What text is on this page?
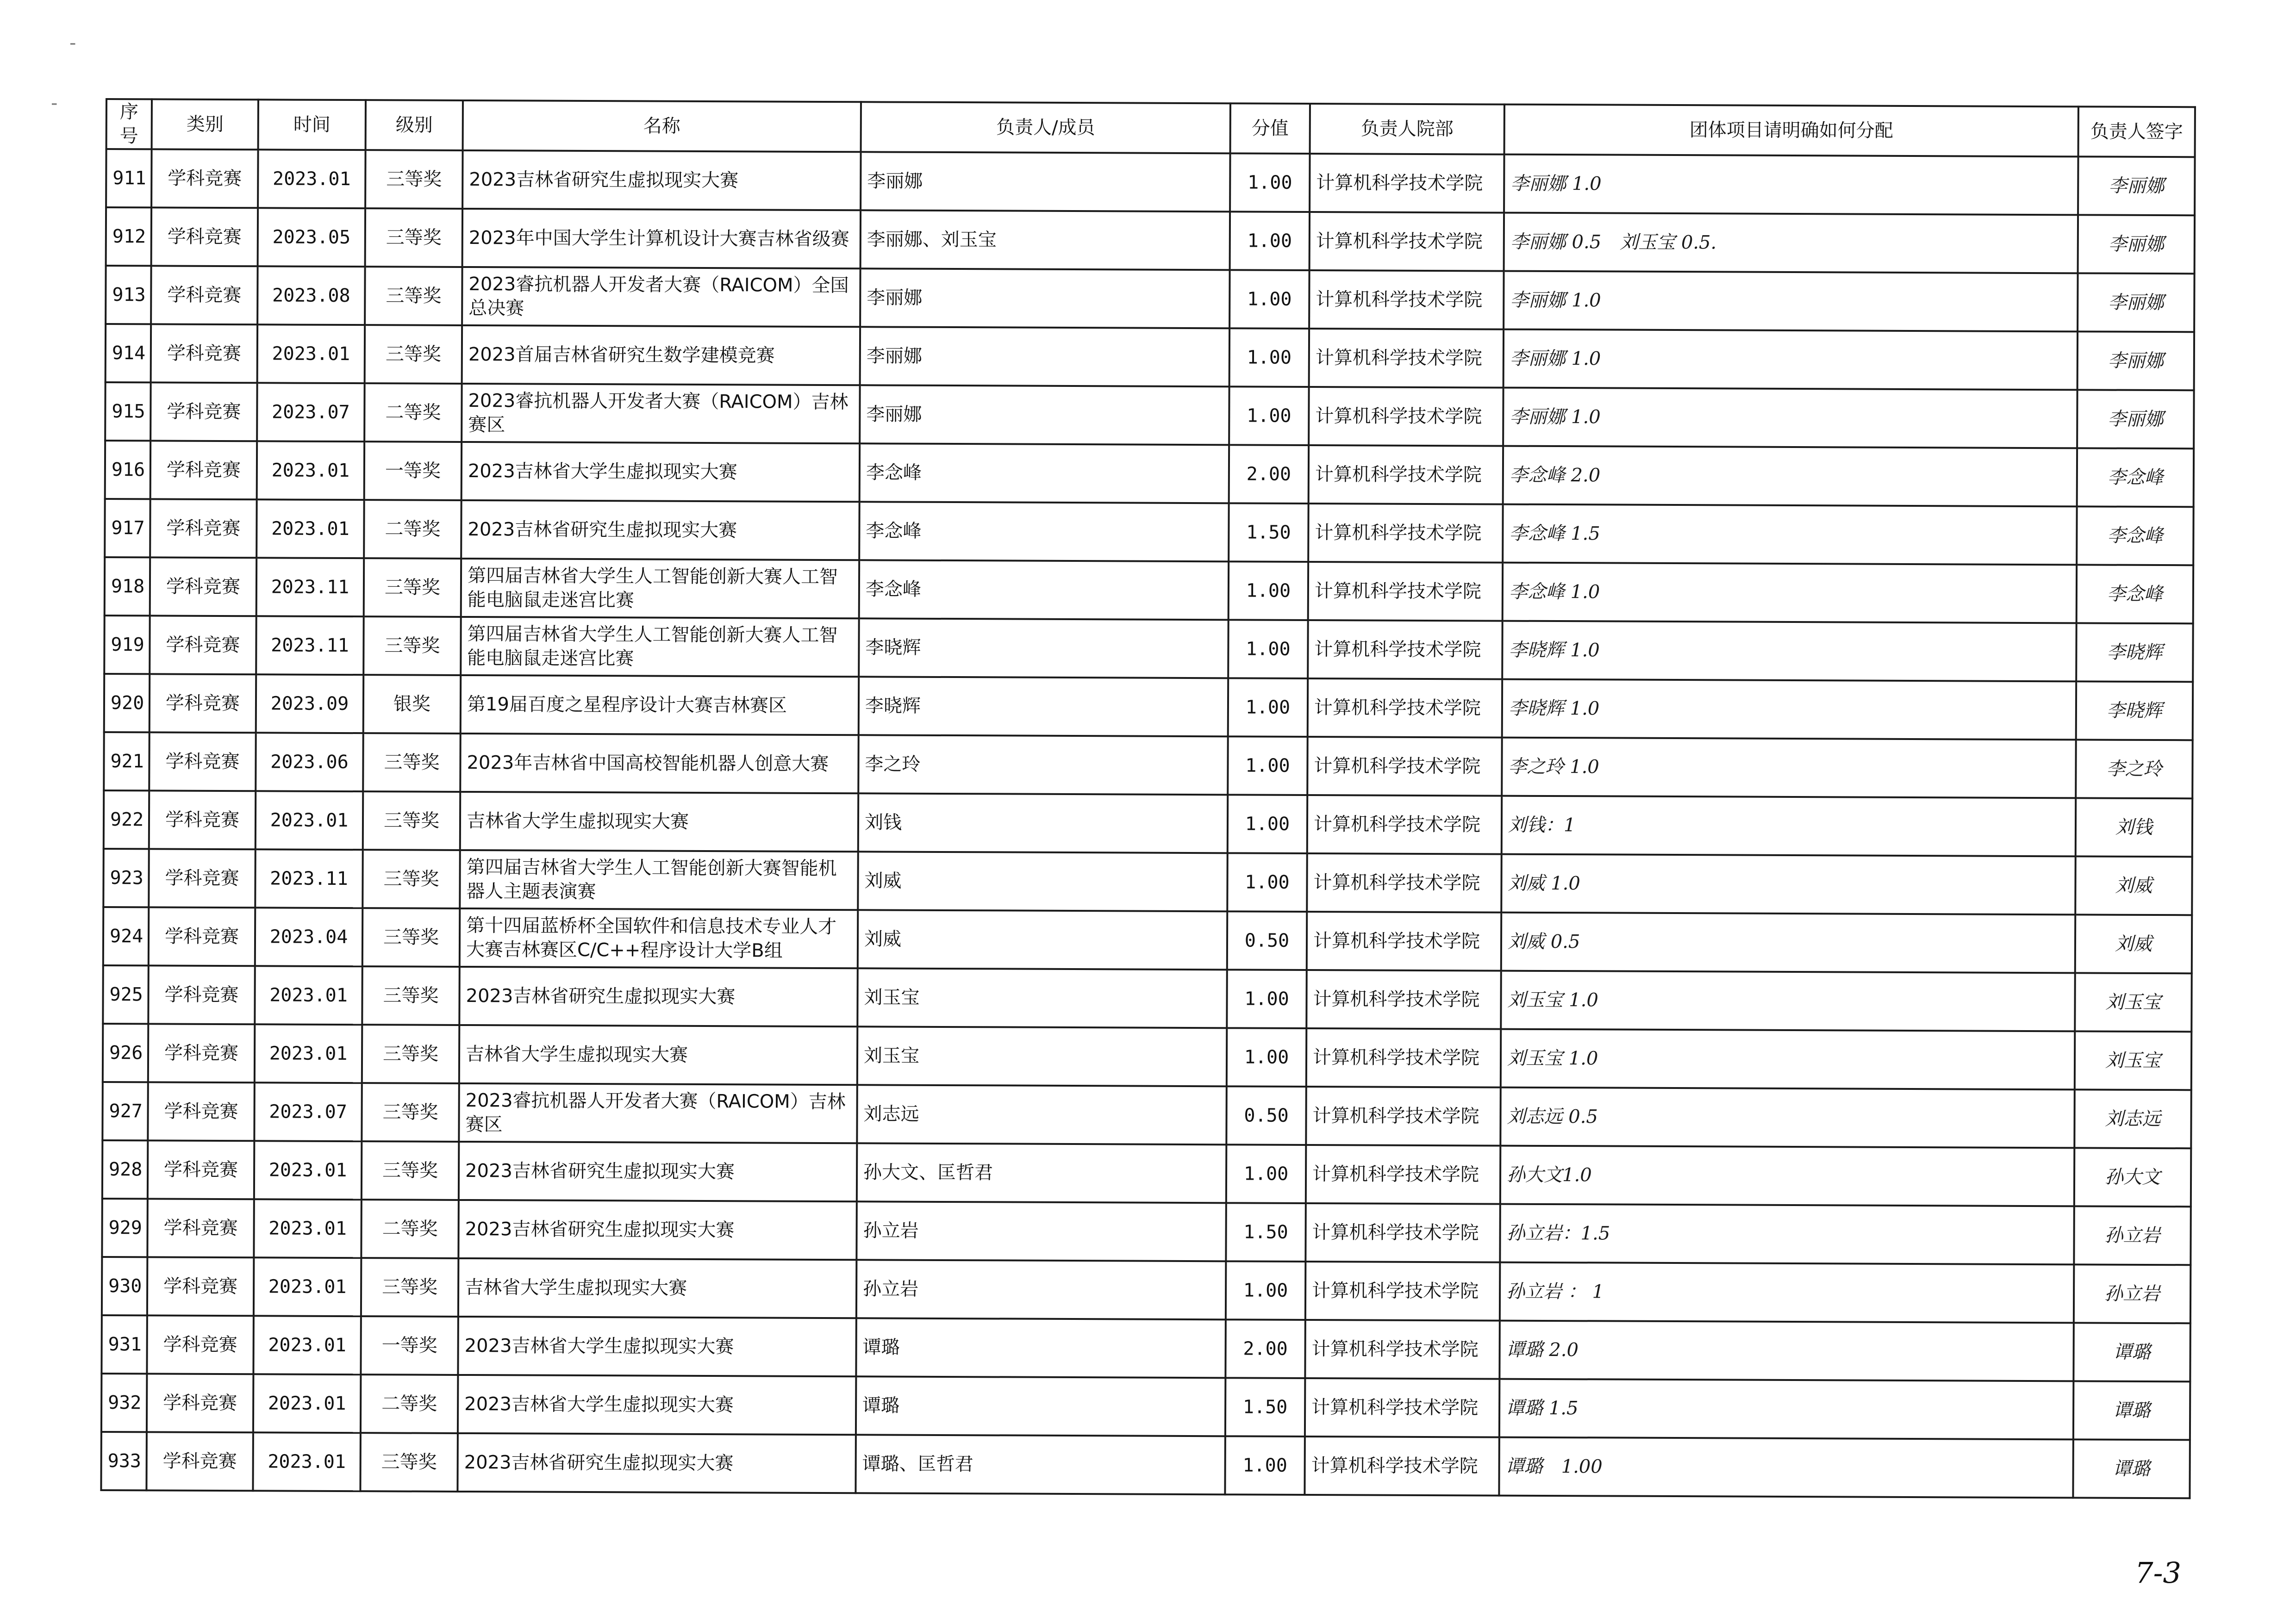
-
-	序号	类别	时间	级别	名称	负责人/成员	分值	负责人院部	团体项目请明确如何分配	负责人签字
911	学科竞赛	2023.01	三等奖	2023吉林省研究生虚拟现实大赛	李丽娜	1.00	计算机科学技术学院	李丽娜 1.0	李丽娜
912	学科竞赛	2023.05	三等奖	2023年中国大学生计算机设计大赛吉林省级赛	李丽娜、刘玉宝	1.00	计算机科学技术学院	李丽娜 0.5　刘玉宝 0.5.	李丽娜
913	学科竞赛	2023.08	三等奖	2023睿抗机器人开发者大赛（RAICOM）全国总决赛	李丽娜	1.00	计算机科学技术学院	李丽娜 1.0	李丽娜
914	学科竞赛	2023.01	三等奖	2023首届吉林省研究生数学建模竞赛	李丽娜	1.00	计算机科学技术学院	李丽娜 1.0	李丽娜
915	学科竞赛	2023.07	二等奖	2023睿抗机器人开发者大赛（RAICOM）吉林赛区	李丽娜	1.00	计算机科学技术学院	李丽娜 1.0	李丽娜
916	学科竞赛	2023.01	一等奖	2023吉林省大学生虚拟现实大赛	李念峰	2.00	计算机科学技术学院	李念峰 2.0	李念峰
917	学科竞赛	2023.01	二等奖	2023吉林省研究生虚拟现实大赛	李念峰	1.50	计算机科学技术学院	李念峰 1.5	李念峰
918	学科竞赛	2023.11	三等奖	第四届吉林省大学生人工智能创新大赛人工智能电脑鼠走迷宫比赛	李念峰	1.00	计算机科学技术学院	李念峰 1.0	李念峰
919	学科竞赛	2023.11	三等奖	第四届吉林省大学生人工智能创新大赛人工智能电脑鼠走迷宫比赛	李晓辉	1.00	计算机科学技术学院	李晓辉 1.0	李晓辉
920	学科竞赛	2023.09	银奖	第19届百度之星程序设计大赛吉林赛区	李晓辉	1.00	计算机科学技术学院	李晓辉 1.0	李晓辉
921	学科竞赛	2023.06	三等奖	2023年吉林省中国高校智能机器人创意大赛	李之玲	1.00	计算机科学技术学院	李之玲 1.0	李之玲
922	学科竞赛	2023.01	三等奖	吉林省大学生虚拟现实大赛	刘钱	1.00	计算机科学技术学院	刘钱：1	刘钱
923	学科竞赛	2023.11	三等奖	第四届吉林省大学生人工智能创新大赛智能机器人主题表演赛	刘威	1.00	计算机科学技术学院	刘威 1.0	刘威
924	学科竞赛	2023.04	三等奖	第十四届蓝桥杯全国软件和信息技术专业人才大赛吉林赛区C/C++程序设计大学B组	刘威	0.50	计算机科学技术学院	刘威 0.5	刘威
925	学科竞赛	2023.01	三等奖	2023吉林省研究生虚拟现实大赛	刘玉宝	1.00	计算机科学技术学院	刘玉宝 1.0	刘玉宝
926	学科竞赛	2023.01	三等奖	吉林省大学生虚拟现实大赛	刘玉宝	1.00	计算机科学技术学院	刘玉宝 1.0	刘玉宝
927	学科竞赛	2023.07	三等奖	2023睿抗机器人开发者大赛（RAICOM）吉林赛区	刘志远	0.50	计算机科学技术学院	刘志远 0.5	刘志远
928	学科竞赛	2023.01	三等奖	2023吉林省研究生虚拟现实大赛	孙大文、匡哲君	1.00	计算机科学技术学院	孙大文1.0	孙大文
929	学科竞赛	2023.01	二等奖	2023吉林省研究生虚拟现实大赛	孙立岩	1.50	计算机科学技术学院	孙立岩：1.5	孙立岩
930	学科竞赛	2023.01	三等奖	吉林省大学生虚拟现实大赛	孙立岩	1.00	计算机科学技术学院	孙立岩 ： 1	孙立岩
931	学科竞赛	2023.01	一等奖	2023吉林省大学生虚拟现实大赛	谭璐	2.00	计算机科学技术学院	谭璐 2.0	谭璐
932	学科竞赛	2023.01	二等奖	2023吉林省大学生虚拟现实大赛	谭璐	1.50	计算机科学技术学院	谭璐 1.5	谭璐
933	学科竞赛	2023.01	三等奖	2023吉林省研究生虚拟现实大赛	谭璐、匡哲君	1.00	计算机科学技术学院	谭璐　1.00	谭璐
7-3
